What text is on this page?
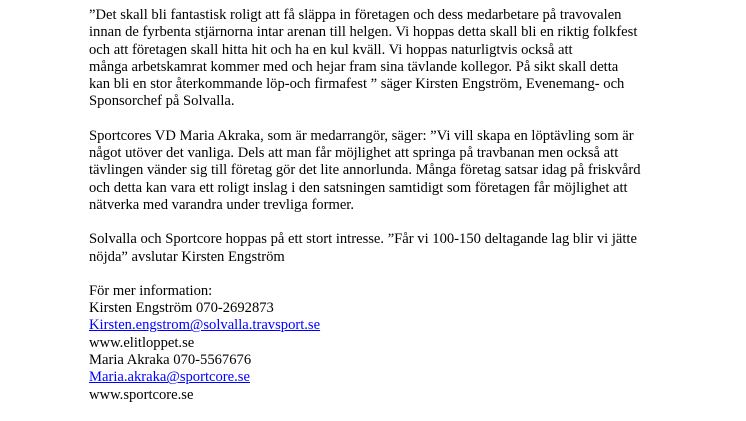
”Det skall bli fantastisk roligt att få släppa in företagen och dess medarbetare på travovalen
innan de fyrbenta stjärnorna intar arenan till helgen. Vi hoppas detta skall bli en riktig folkfest
och att företagen skall hitta hit och ha en kul kväll. Vi hoppas naturligtvis också att
många arbetskamrat kommer med och hejar fram sina tävlande kollegor. På sikt skall detta
kan bli en stor återkommande löp-och firmafest ” säger Kirsten Engström, Evenemang- och
Sponsorchef på Solvalla.

Sportcores VD Maria Akraka, som är medarrangör, säger: ”Vi vill skapa en löptävling som är
något utöver det vanliga. Dels att man får möjlighet att springa på travbanan men också att
tävlingen vänder sig till företag gör det lite annorlunda. Många företag satsar idag på friskvård
och detta kan vara ett roligt inslag i den satsningen samtidigt som företagen får möjlighet att
nätverka med varandra under trevliga former.

Solvalla och Sportcore hoppas på ett stort intresse. ”Får vi 100-150 deltagande lag blir vi jätte
nöjda” avslutar Kirsten Engström

För mer information:
Kirsten Engström 070-2692873
Kirsten.engstrom@solvalla.travsport.se
www.elitloppet.se
Maria Akraka 070-5567676
Maria.akraka@sportcore.se
www.sportcore.se
